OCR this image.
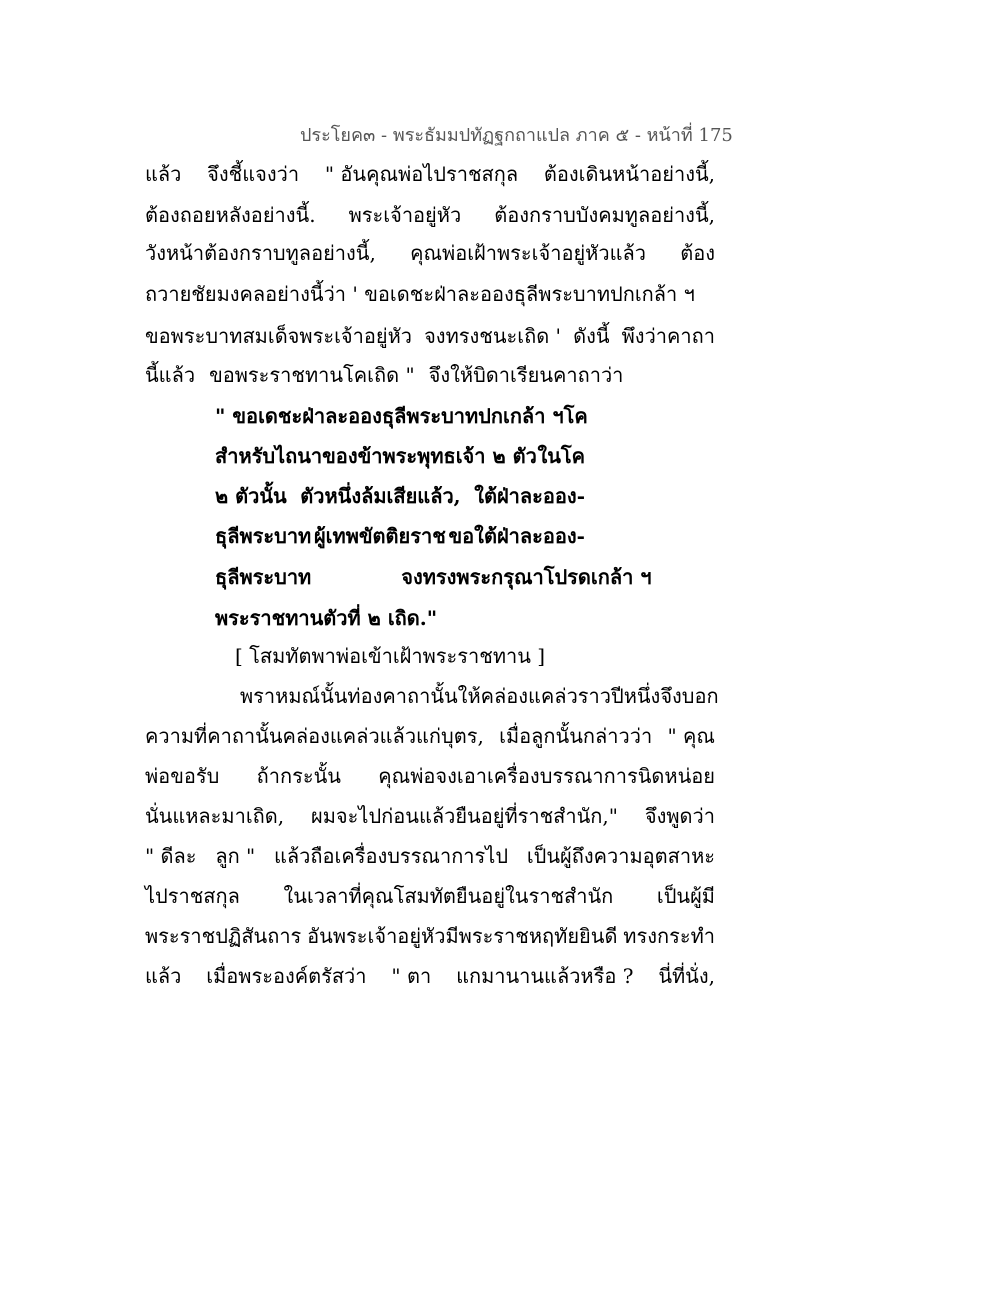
ประโยค๓ - พระธัมมปทัฏฐกถาแปล ภาค ๕ - หน้าที่ 175
แล้ว จึงชี้แจงว่า " อันคุณพ่อไปราชสกุล ต้องเดินหน้าอย่างนี้,
ต้องถอยหลังอย่างนี้. พระเจ้าอยู่หัว ต้องกราบบังคมทูลอย่างนี้,
วังหน้าต้องกราบทูลอย่างนี้, คุณพ่อเฝ้าพระเจ้าอยู่หัวแล้ว ต้อง
ถวายชัยมงคลอย่างนี้ว่า ' ขอเดชะฝ่าละอองธุลีพระบาทปกเกล้า ฯ
ขอพระบาทสมเด็จพระเจ้าอยู่หัว จงทรงชนะเถิด ' ดังนี้ พึงว่าคาถา
นี้แล้ว ขอพระราชทานโคเถิด " จึงให้บิดาเรียนคาถาว่า
" ขอเดชะฝ่าละอองธุลีพระบาทปกเกล้า ฯ โค
สำหรับไถนาของข้าพระพุทธเจ้า ๒ ตัว ในโค
๒ ตัวนั้น ตัวหนึ่งล้มเสียแล้ว, ใต้ฝ่าละออง-
ธุลีพระบาท ผู้เทพขัตติยราช ขอใต้ฝ่าละออง-
ธุลีพระบาท	จงทรงพระกรุณาโปรดเกล้า ฯ
พระราชทานตัวที่ ๒ เถิด."
[ โสมทัตพาพ่อเข้าเฝ้าพระราชทาน ]
พราหมณ์นั้น ท่องคาถานั้นให้คล่องแคล่วราวปีหนึ่ง จึงบอก
ความที่คาถานั้นคล่องแคล่วแล้วแก่บุตร, เมื่อลูกนั้นกล่าวว่า " คุณ
พ่อขอรับ ถ้ากระนั้น คุณพ่อจงเอาเครื่องบรรณาการนิดหน่อย
นั่นแหละมาเถิด, ผมจะไปก่อนแล้วยืนอยู่ที่ราชสำนัก," จึงพูดว่า
" ดีละ ลูก " แล้วถือเครื่องบรรณาการไป เป็นผู้ถึงความอุตสาหะ
ไปราชสกุล ในเวลาที่คุณโสมทัตยืนอยู่ในราชสำนัก เป็นผู้มี
พระราชปฏิสันถาร อันพระเจ้าอยู่หัวมีพระราชหฤทัยยินดี ทรงกระทำ
แล้ว เมื่อพระองค์ตรัสว่า " ตา แกมานานแล้วหรือ ? นี่ที่นั่ง,
